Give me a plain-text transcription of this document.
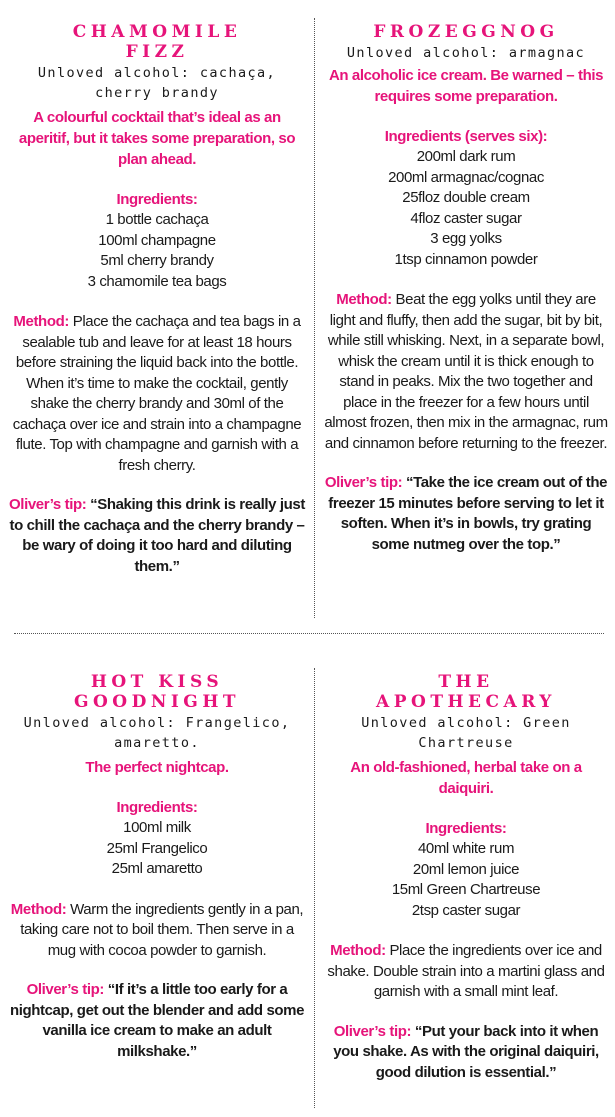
CHAMOMILE FIZZ

Unloved alcohol: cachaça, cherry brandy

A colourful cocktail that’s ideal as an aperitif, but it takes some preparation, so plan ahead.

Ingredients:

1 bottle cachaça
100ml champagne
5ml cherry brandy
3 chamomile tea bags

Method: Place the cachaça and tea bags in a sealable tub and leave for at least 18 hours before straining the liquid back into the bottle. When it’s time to make the cocktail, gently shake the cherry brandy and 30ml of the cachaça over ice and strain into a champagne flute. Top with champagne and garnish with a fresh cherry.

Oliver’s tip: “Shaking this drink is really just to chill the cachaça and the cherry brandy – be wary of doing it too hard and diluting them.”

FROZEGGNOG

Unloved alcohol: armagnac

An alcoholic ice cream. Be warned – this requires some preparation.

Ingredients (serves six):

200ml dark rum
200ml armagnac/cognac
25floz double cream
4floz caster sugar
3 egg yolks
1tsp cinnamon powder

Method: Beat the egg yolks until they are light and fluffy, then add the sugar, bit by bit, while still whisking. Next, in a separate bowl, whisk the cream until it is thick enough to stand in peaks. Mix the two together and place in the freezer for a few hours until almost frozen, then mix in the armagnac, rum and cinnamon before returning to the freezer.

Oliver’s tip: “Take the ice cream out of the freezer 15 minutes before serving to let it soften. When it’s in bowls, try grating some nutmeg over the top.”

HOT KISS GOODNIGHT

Unloved alcohol: Frangelico, amaretto.

The perfect nightcap.

Ingredients:

100ml milk
25ml Frangelico
25ml amaretto

Method: Warm the ingredients gently in a pan, taking care not to boil them. Then serve in a mug with cocoa powder to garnish.

Oliver’s tip: “If it’s a little too early for a nightcap, get out the blender and add some vanilla ice cream to make an adult milkshake.”

THE APOTHECARY

Unloved alcohol: Green Chartreuse

An old-fashioned, herbal take on a daiquiri.

Ingredients:

40ml white rum
20ml lemon juice
15ml Green Chartreuse
2tsp caster sugar

Method: Place the ingredients over ice and shake. Double strain into a martini glass and garnish with a small mint leaf.

Oliver’s tip: “Put your back into it when you shake. As with the original daiquiri, good dilution is essential.”
